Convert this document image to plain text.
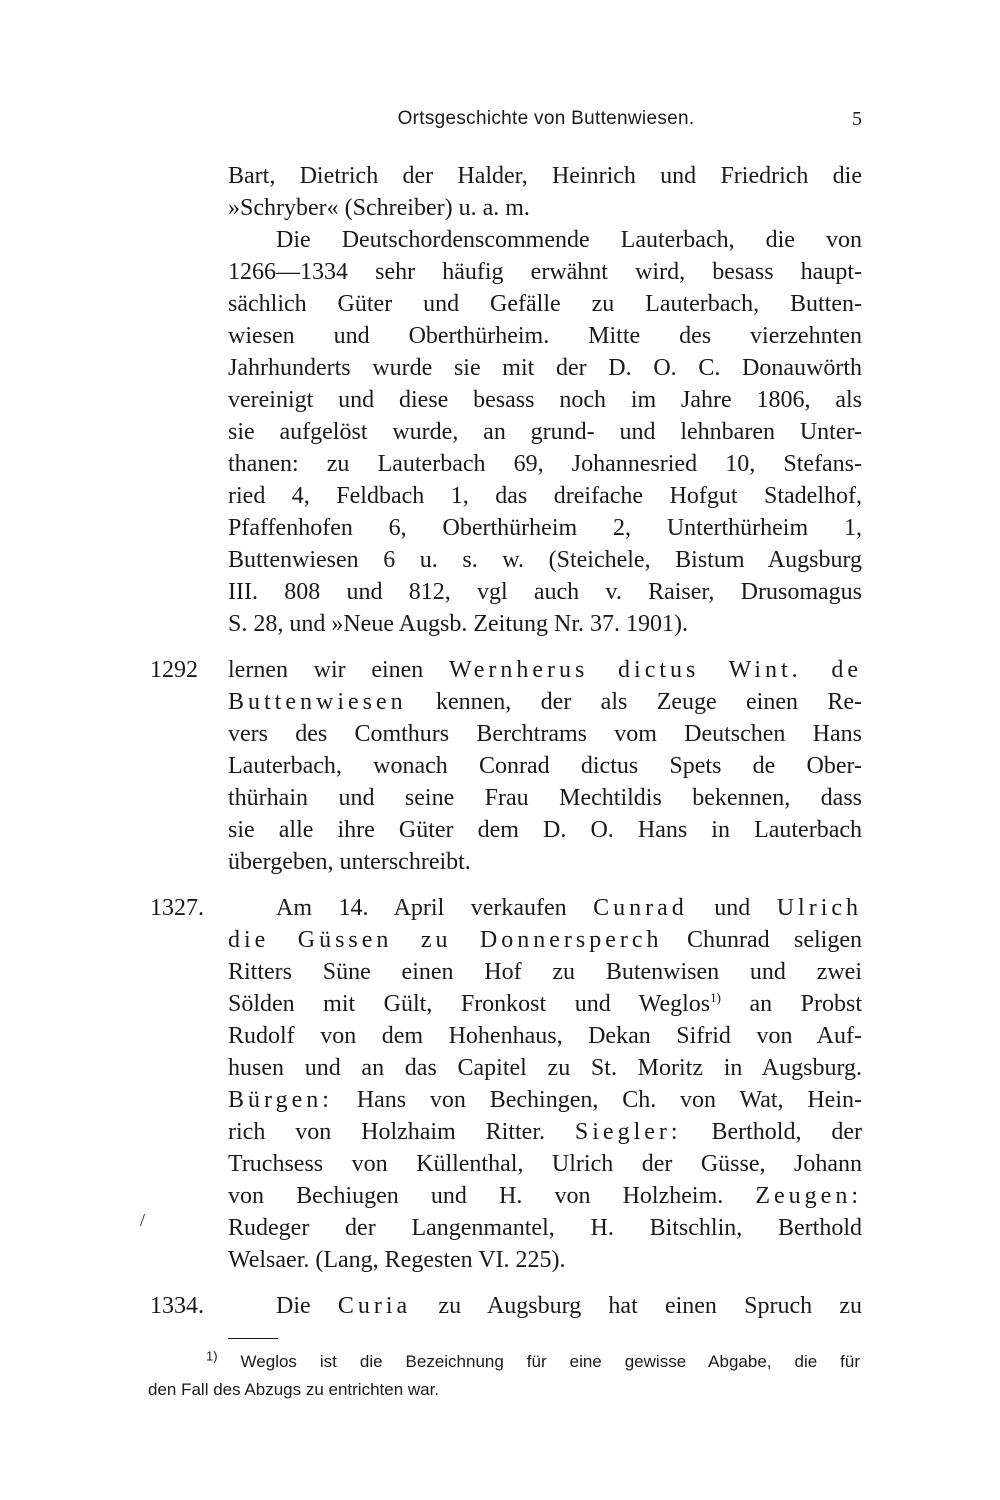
Ortsgeschichte von Buttenwiesen.	5
Bart, Dietrich der Halder, Heinrich und Friedrich die
»Schryber« (Schreiber) u. a. m.
Die Deutschordenscommende Lauterbach, die von
1266—1334 sehr häufig erwähnt wird, besass haupt-
sächlich Güter und Gefälle zu Lauterbach, Butten-
wiesen und Oberthürheim. Mitte des vierzehnten
Jahrhunderts wurde sie mit der D. O. C. Donauwörth
vereinigt und diese besass noch im Jahre 1806, als
sie aufgelöst wurde, an grund- und lehnbaren Unter-
thanen: zu Lauterbach 69, Johannesried 10, Stefans-
ried 4, Feldbach 1, das dreifache Hofgut Stadelhof,
Pfaffenhofen 6, Oberthürheim 2, Unterthürheim 1,
Buttenwiesen 6 u. s. w. (Steichele, Bistum Augsburg
III. 808 und 812, vgl auch v. Raiser, Drusomagus
S. 28, und »Neue Augsb. Zeitung Nr. 37. 1901).
1292 lernen wir einen Wernherus dictus Wint. de
Buttenwiesen kennen, der als Zeuge einen Re-
vers des Comthurs Berchtrams vom Deutschen Hans
Lauterbach, wonach Conrad dictus Spets de Ober-
thürhain und seine Frau Mechtildis bekennen, dass
sie alle ihre Güter dem D. O. Hans in Lauterbach
übergeben, unterschreibt.
1327.	Am 14. April verkaufen Cunrad und Ulrich
die Güssen zu Donnersperch Chunrad seligen
Ritters Süne einen Hof zu Butenwisen und zwei
Sölden mit Gült, Fronkost und Weglos$^{1)}$ an Probst
Rudolf von dem Hohenhaus, Dekan Sifrid von Auf-
husen und an das Capitel zu St. Moritz in Augsburg.
Bürgen: Hans von Bechingen, Ch. von Wat, Hein-
rich von Holzhaim Ritter. Siegler: Berthold, der
Truchsess von Küllenthal, Ulrich der Güsse, Johann
von Bechiugen und H. von Holzheim. Zeugen:
Rudeger der Langenmantel, H. Bitschlin, Berthold
Welsaer. (Lang, Regesten VI. 225).
1334.	Die Curia zu Augsburg hat einen Spruch zu
/
$^{1)}$ Weglos ist die Bezeichnung für eine gewisse Abgabe, die für
den Fall des Abzugs zu entrichten war.
